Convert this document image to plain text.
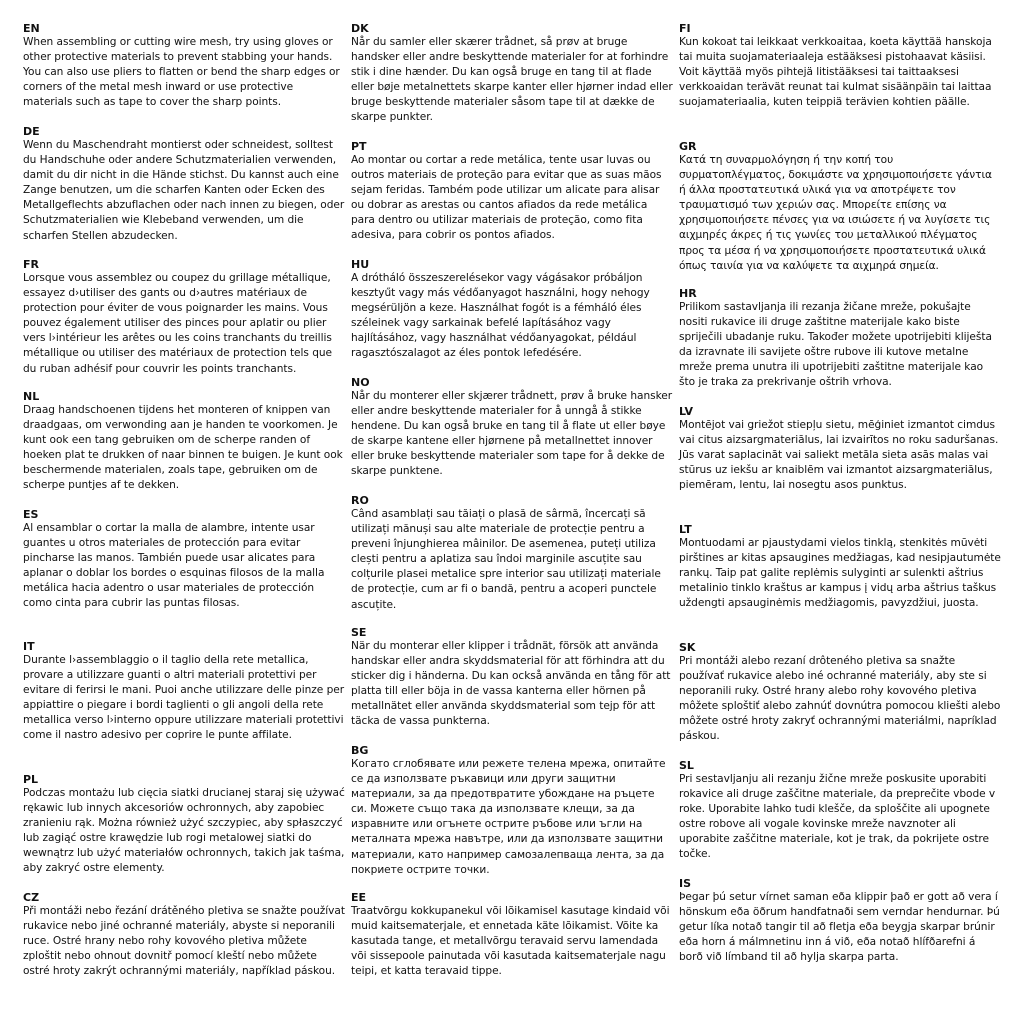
EN

When assembling or cutting wire mesh, try using gloves or other protective materials to prevent stabbing your hands. You can also use pliers to flatten or bend the sharp edges or corners of the metal mesh inward or use protective materials such as tape to cover the sharp points.

DE

Wenn du Maschendraht montierst oder schneidest, solltest du Handschuhe oder andere Schutzmaterialien verwenden, damit du dir nicht in die Hände stichst. Du kannst auch eine Zange benutzen, um die scharfen Kanten oder Ecken des Metallgeflechts abzuflachen oder nach innen zu biegen, oder Schutzmaterialien wie Klebeband verwenden, um die scharfen Stellen abzudecken.

FR

Lorsque vous assemblez ou coupez du grillage métallique, essayez d›utiliser des gants ou d›autres matériaux de protection pour éviter de vous poignarder les mains. Vous pouvez également utiliser des pinces pour aplatir ou plier vers l›intérieur les arêtes ou les coins tranchants du treillis métallique ou utiliser des matériaux de protection tels que du ruban adhésif pour couvrir les points tranchants.

NL

Draag handschoenen tijdens het monteren of knippen van draadgaas, om verwonding aan je handen te voorkomen. Je kunt ook een tang gebruiken om de scherpe randen of hoeken plat te drukken of naar binnen te buigen. Je kunt ook beschermende materialen, zoals tape, gebruiken om de scherpe puntjes af te dekken.

ES

Al ensamblar o cortar la malla de alambre, intente usar guantes u otros materiales de protección para evitar pincharse las manos. También puede usar alicates para aplanar o doblar los bordes o esquinas filosos de la malla metálica hacia adentro o usar materiales de protección como cinta para cubrir las puntas filosas.

IT

Durante l›assemblaggio o il taglio della rete metallica, provare a utilizzare guanti o altri materiali protettivi per evitare di ferirsi le mani. Puoi anche utilizzare delle pinze per appiattire o piegare i bordi taglienti o gli angoli della rete metallica verso l›interno oppure utilizzare materiali protettivi come il nastro adesivo per coprire le punte affilate.

PL

Podczas montażu lub cięcia siatki drucianej staraj się używać rękawic lub innych akcesoriów ochronnych, aby zapobiec zranieniu rąk. Można również użyć szczypiec, aby spłaszczyć lub zagiąć ostre krawędzie lub rogi metalowej siatki do wewnątrz lub użyć materiałów ochronnych, takich jak taśma, aby zakryć ostre elementy.

CZ

Při montáži nebo řezání drátěného pletiva se snažte používat rukavice nebo jiné ochranné materiály, abyste si neporanili ruce. Ostré hrany nebo rohy kovového pletiva můžete zploštit nebo ohnout dovnitř pomocí kleští nebo můžete ostré hroty zakrýt ochrannými materiály, například páskou.

DK

Når du samler eller skærer trådnet, så prøv at bruge handsker eller andre beskyttende materialer for at forhindre stik i dine hænder. Du kan også bruge en tang til at flade eller bøje metalnettets skarpe kanter eller hjørner indad eller bruge beskyttende materialer såsom tape til at dække de skarpe punkter.

PT

Ao montar ou cortar a rede metálica, tente usar luvas ou outros materiais de proteção para evitar que as suas mãos sejam feridas. Também pode utilizar um alicate para alisar ou dobrar as arestas ou cantos afiados da rede metálica para dentro ou utilizar materiais de proteção, como fita adesiva, para cobrir os pontos afiados.

HU

A drótháló összeszerelésekor vagy vágásakor próbáljon kesztyűt vagy más védőanyagot használni, hogy nehogy megsérüljön a keze. Használhat fogót is a fémháló éles széleinek vagy sarkainak befelé lapításához vagy hajlításához, vagy használhat védőanyagokat, például ragasztószalagot az éles pontok lefedésére.

NO

Når du monterer eller skjærer trådnett, prøv å bruke hansker eller andre beskyttende materialer for å unngå å stikke hendene. Du kan også bruke en tang til å flate ut eller bøye de skarpe kantene eller hjørnene på metallnettet innover eller bruke beskyttende materialer som tape for å dekke de skarpe punktene.

RO

Când asamblați sau tăiați o plasă de sârmă, încercați să utilizați mănuși sau alte materiale de protecție pentru a preveni înjunghierea mâinilor. De asemenea, puteți utiliza clești pentru a aplatiza sau îndoi marginile ascuțite sau colțurile plasei metalice spre interior sau utilizați materiale de protecție, cum ar fi o bandă, pentru a acoperi punctele ascuțite.

SE

När du monterar eller klipper i trådnät, försök att använda handskar eller andra skyddsmaterial för att förhindra att du sticker dig i händerna. Du kan också använda en tång för att platta till eller böja in de vassa kanterna eller hörnen på metallnätet eller använda skyddsmaterial som tejp för att täcka de vassa punkterna.

BG

Когато сглобявате или режете телена мрежа, опитайте се да използвате ръкавици или други защитни материали, за да предотвратите убождане на ръцете си. Можете също така да използвате клещи, за да изравните или огънете острите ръбове или ъгли на металната мрежа навътре, или да използвате защитни материали, като например самозалепваща лента, за да покриете острите точки.

EE

Traatvõrgu kokkupanekul või lõikamisel kasutage kindaid või muid kaitsematerjale, et ennetada käte lõikamist. Võite ka kasutada tange, et metallvõrgu teravaid servu lamendada või sissepoole painutada või kasutada kaitsematerjale nagu teipi, et katta teravaid tippe.

FI

Kun kokoat tai leikkaat verkkoaitaa, koeta käyttää hanskoja tai muita suojamateriaaleja estääksesi pistohaavat käsiisi. Voit käyttää myös pihtejä litistääksesi tai taittaaksesi verkkoaidan terävät reunat tai kulmat sisäänpäin tai laittaa suojamateriaalia, kuten teippiä terävien kohtien päälle.

GR

Κατά τη συναρμολόγηση ή την κοπή του συρματοπλέγματος, δοκιμάστε να χρησιμοποιήσετε γάντια ή άλλα προστατευτικά υλικά για να αποτρέψετε τον τραυματισμό των χεριών σας. Μπορείτε επίσης να χρησιμοποιήσετε πένσες για να ισιώσετε ή να λυγίσετε τις αιχμηρές άκρες ή τις γωνίες του μεταλλικού πλέγματος προς τα μέσα ή να χρησιμοποιήσετε προστατευτικά υλικά όπως ταινία για να καλύψετε τα αιχμηρά σημεία.

HR

Prilikom sastavljanja ili rezanja žičane mreže, pokušajte nositi rukavice ili druge zaštitne materijale kako biste spriječili ubadanje ruku. Također možete upotrijebiti kliješta da izravnate ili savijete oštre rubove ili kutove metalne mreže prema unutra ili upotrijebiti zaštitne materijale kao što je traka za prekrivanje oštrih vrhova.

LV

Montējot vai griežot stiepļu sietu, mēģiniet izmantot cimdus vai citus aizsargmateriālus, lai izvairītos no roku saduršanas. Jūs varat saplacināt vai saliekt metāla sieta asās malas vai stūrus uz iekšu ar knaiblēm vai izmantot aizsargmateriālus, piemēram, lentu, lai nosegtu asos punktus.

LT

Montuodami ar pjaustydami vielos tinklą, stenkitės mūvėti pirštines ar kitas apsaugines medžiagas, kad nesipjautumėte rankų. Taip pat galite replėmis sulyginti ar sulenkti aštrius metalinio tinklo kraštus ar kampus į vidų arba aštrius taškus uždengti apsauginėmis medžiagomis, pavyzdžiui, juosta.

SK

Pri montáži alebo rezaní drôteného pletiva sa snažte používať rukavice alebo iné ochranné materiály, aby ste si neporanili ruky. Ostré hrany alebo rohy kovového pletiva môžete sploštiť alebo zahnúť dovnútra pomocou kliešti alebo môžete ostré hroty zakryť ochrannými materiálmi, napríklad páskou.

SL

Pri sestavljanju ali rezanju žične mreže poskusite uporabiti rokavice ali druge zaščitne materiale, da preprečite vbode v roke. Uporabite lahko tudi klešče, da sploščite ali upognete ostre robove ali vogale kovinske mreže navznoter ali uporabite zaščitne materiale, kot je trak, da pokrijete ostre točke.

IS

Þegar þú setur vírnet saman eða klippir það er gott að vera í hönskum eða öðrum handfatnaði sem verndar hendurnar. Þú getur líka notað tangir til að fletja eða beygja skarpar brúnir eða horn á málmnetinu inn á við, eða notað hlífðarefni á borð við límband til að hylja skarpa parta.
